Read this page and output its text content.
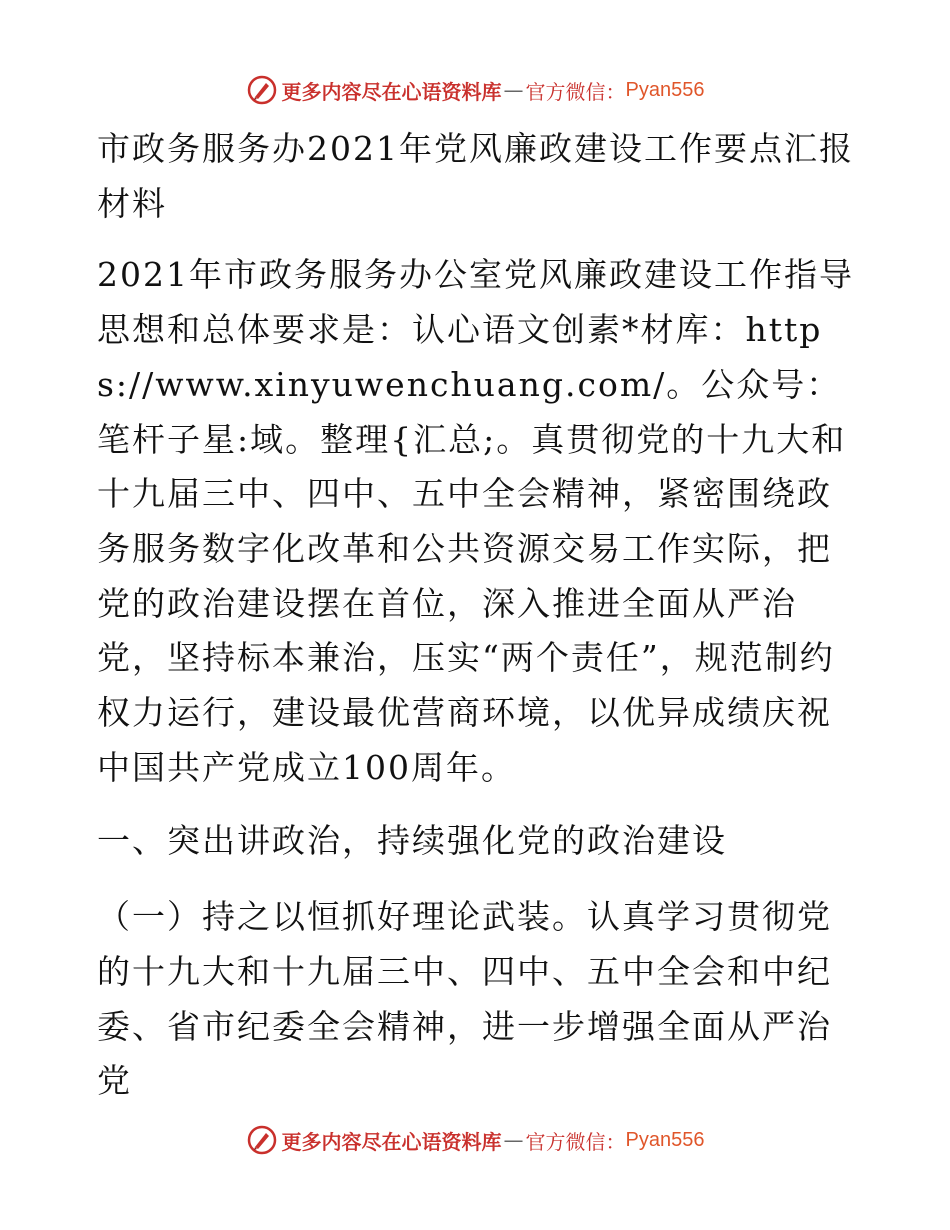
更多内容尽在心语资料库 — 官方微信： Pyan556

市政务服务办2021年党风廉政建设工作要点汇报材料

2021年市政务服务办公室党风廉政建设工作指导思想和总体要求是：认心语文创素*材库：https://www.xinyuwenchuang.com/。公众号：笔杆子星:域。整理{汇总;。真贯彻党的十九大和十九届三中、四中、五中全会精神，紧密围绕政务服务数字化改革和公共资源交易工作实际，把党的政治建设摆在首位，深入推进全面从严治党，坚持标本兼治，压实“两个责任”，规范制约权力运行，建设最优营商环境，以优异成绩庆祝中国共产党成立100周年。

一、突出讲政治，持续强化党的政治建设

（一）持之以恒抓好理论武装。认真学习贯彻党的十九大和十九届三中、四中、五中全会和中纪委、省市纪委全会精神，进一步增强全面从严治党

更多内容尽在心语资料库 — 官方微信： Pyan556
